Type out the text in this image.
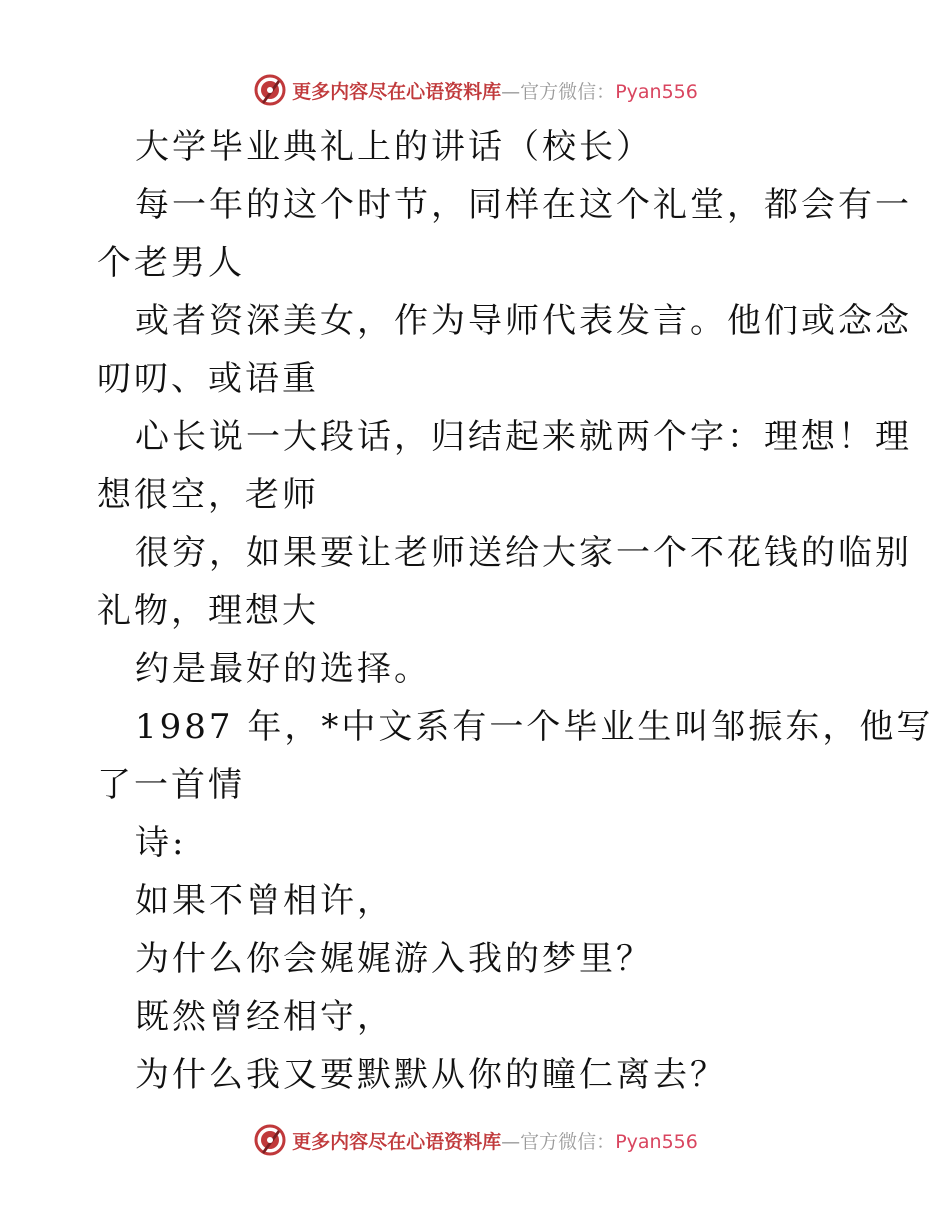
更多内容尽在心语资料库—官方微信：Pyan556
大学毕业典礼上的讲话（校长）
每一年的这个时节，同样在这个礼堂，都会有一
个老男人
或者资深美女，作为导师代表发言。他们或念念
叨叨、或语重
心长说一大段话，归结起来就两个字：理想！理
想很空，老师
很穷，如果要让老师送给大家一个不花钱的临别
礼物，理想大
约是最好的选择。
1987 年，*中文系有一个毕业生叫邹振东，他写
了一首情
诗:
如果不曾相许，
为什么你会娓娓游入我的梦里？
既然曾经相守，
为什么我又要默默从你的瞳仁离去？
更多内容尽在心语资料库—官方微信：Pyan556
